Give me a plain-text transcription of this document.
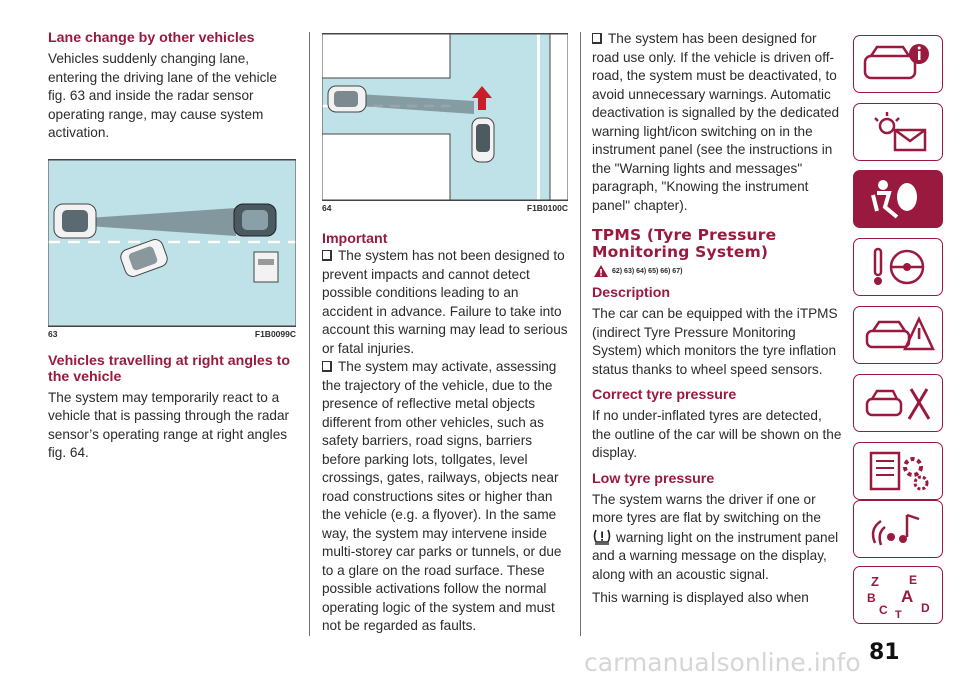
Lane change by other vehicles

Vehicles suddenly changing lane, entering the driving lane of the vehicle fig. 63 and inside the radar sensor operating range, may cause system activation.

63	F1B0099C
Vehicles travelling at right angles to the vehicle

The system may temporarily react to a vehicle that is passing through the radar sensor’s operating range at right angles fig. 64.

64	F1B0100C
Important

The system has not been designed to prevent impacts and cannot detect possible conditions leading to an accident in advance. Failure to take into account this warning may lead to serious or fatal injuries.

The system may activate, assessing the trajectory of the vehicle, due to the presence of reflective metal objects different from other vehicles, such as safety barriers, road signs, barriers before parking lots, tollgates, level crossings, gates, railways, objects near road constructions sites or higher than the vehicle (e.g. a flyover). In the same way, the system may intervene inside multi-storey car parks or tunnels, or due to a glare on the road surface. These possible activations follow the normal operating logic of the system and must not be regarded as faults.

The system has been designed for road use only. If the vehicle is driven off-road, the system must be deactivated, to avoid unnecessary warnings. Automatic deactivation is signalled by the dedicated warning light/icon switching on in the instrument panel (see the instructions in the "Warning lights and messages" paragraph, "Knowing the instrument panel" chapter).

TPMS (Tyre Pressure Monitoring System)
62) 63) 64) 65) 66) 67)
Description

The car can be equipped with the iTPMS (indirect Tyre Pressure Monitoring System) which monitors the tyre inflation status thanks to wheel speed sensors.

Correct tyre pressure

If no under-inflated tyres are detected, the outline of the car will be shown on the display.

Low tyre pressure

The system warns the driver if one or more tyres are flat by switching on the
warning light on the instrument panel and a warning message on the display, along with an acoustic signal.

This warning is displayed also when

Z	E
B A
C	D
T
81
carmanualsonline.info
